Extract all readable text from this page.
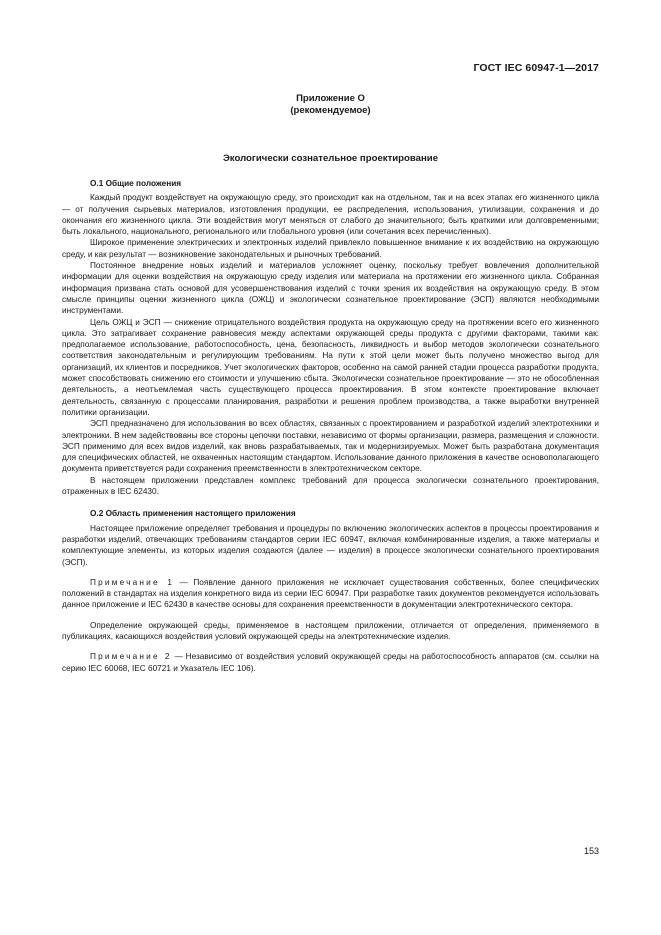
ГОСТ IEC 60947-1—2017
Приложение О
(рекомендуемое)
Экологически сознательное проектирование
О.1 Общие положения

Каждый продукт воздействует на окружающую среду, это происходит как на отдельном, так и на всех этапах его жизненного цикла — от получения сырьевых материалов, изготовления продукции, ее распределения, использования, утилизации, сохранения и до окончания его жизненного цикла. Эти воздействия могут меняться от слабого до значительного; быть краткими или долговременными; быть локального, национального, регионального или глобального уровня (или сочетания всех перечисленных).

Широкое применение электрических и электронных изделий привлекло повышенное внимание к их воздействию на окружающую среду, и как результат — возникновение законодательных и рыночных требований.

Постоянное внедрение новых изделий и материалов усложняет оценку, поскольку требует вовлечения дополнительной информации для оценки воздействия на окружающую среду изделия или материала на протяжении его жизненного цикла. Собранная информация призвана стать основой для усовершенствования изделий с точки зрения их воздействия на окружающую среду. В этом смысле принципы оценки жизненного цикла (ОЖЦ) и экологически сознательное проектирование (ЭСП) являются необходимыми инструментами.

Цель ОЖЦ и ЭСП — снижение отрицательного воздействия продукта на окружающую среду на протяжении всего его жизненного цикла. Это затрагивает сохранение равновесия между аспектами окружающей среды продукта с другими факторами, такими как: предполагаемое использование, работоспособность, цена, безопасность, ликвидность и выбор методов экологически сознательного соответствия законодательным и регулирующим требованиям. На пути к этой цели может быть получено множество выгод для организаций, их клиентов и посредников. Учет экологических факторов, особенно на самой ранней стадии процесса разработки продукта, может способствовать снижению его стоимости и улучшению сбыта. Экологически сознательное проектирование — это не обособленная деятельность, а неотъемлемая часть существующего процесса проектирования. В этом контексте проектирование включает деятельность, связанную с процессами планирования, разработки и решения проблем производства, а также выработки внутренней политики организации.

ЭСП предназначено для использования во всех областях, связанных с проектированием и разработкой изделий электротехники и электроники. В нем задействованы все стороны цепочки поставки, независимо от формы организации, размера, размещения и сложности. ЭСП применимо для всех видов изделий, как вновь разрабатываемых, так и модернизируемых. Может быть разработана документация для специфических областей, не охваченных настоящим стандартом. Использование данного приложения в качестве основополагающего документа приветствуется ради сохранения преемственности в электротехническом секторе.

В настоящем приложении представлен комплекс требований для процесса экологически сознательного проектирования, отраженных в IEC 62430.

О.2 Область применения настоящего приложения

Настоящее приложение определяет требования и процедуры по включению экологических аспектов в процессы проектирования и разработки изделий, отвечающих требованиям стандартов серии IEC 60947, включая комбинированные изделия, а также материалы и комплектующие элементы, из которых изделия создаются (далее — изделия) в процессе экологически сознательного проектирования (ЭСП).

Примечание 1 — Появление данного приложения не исключает существования собственных, более специфических положений в стандартах на изделия конкретного вида из серии IEC 60947. При разработке таких документов рекомендуется использовать данное приложение и IEC 62430 в качестве основы для сохранения преемственности в документации электротехнического сектора.

Определение окружающей среды, применяемое в настоящем приложении, отличается от определения, применяемого в публикациях, касающихся воздействия условий окружающей среды на электротехнические изделия.

Примечание 2 — Независимо от воздействия условий окружающей среды на работоспособность аппаратов (см. ссылки на серию IEC 60068, IEC 60721 и Указатель IEC 106).

153
